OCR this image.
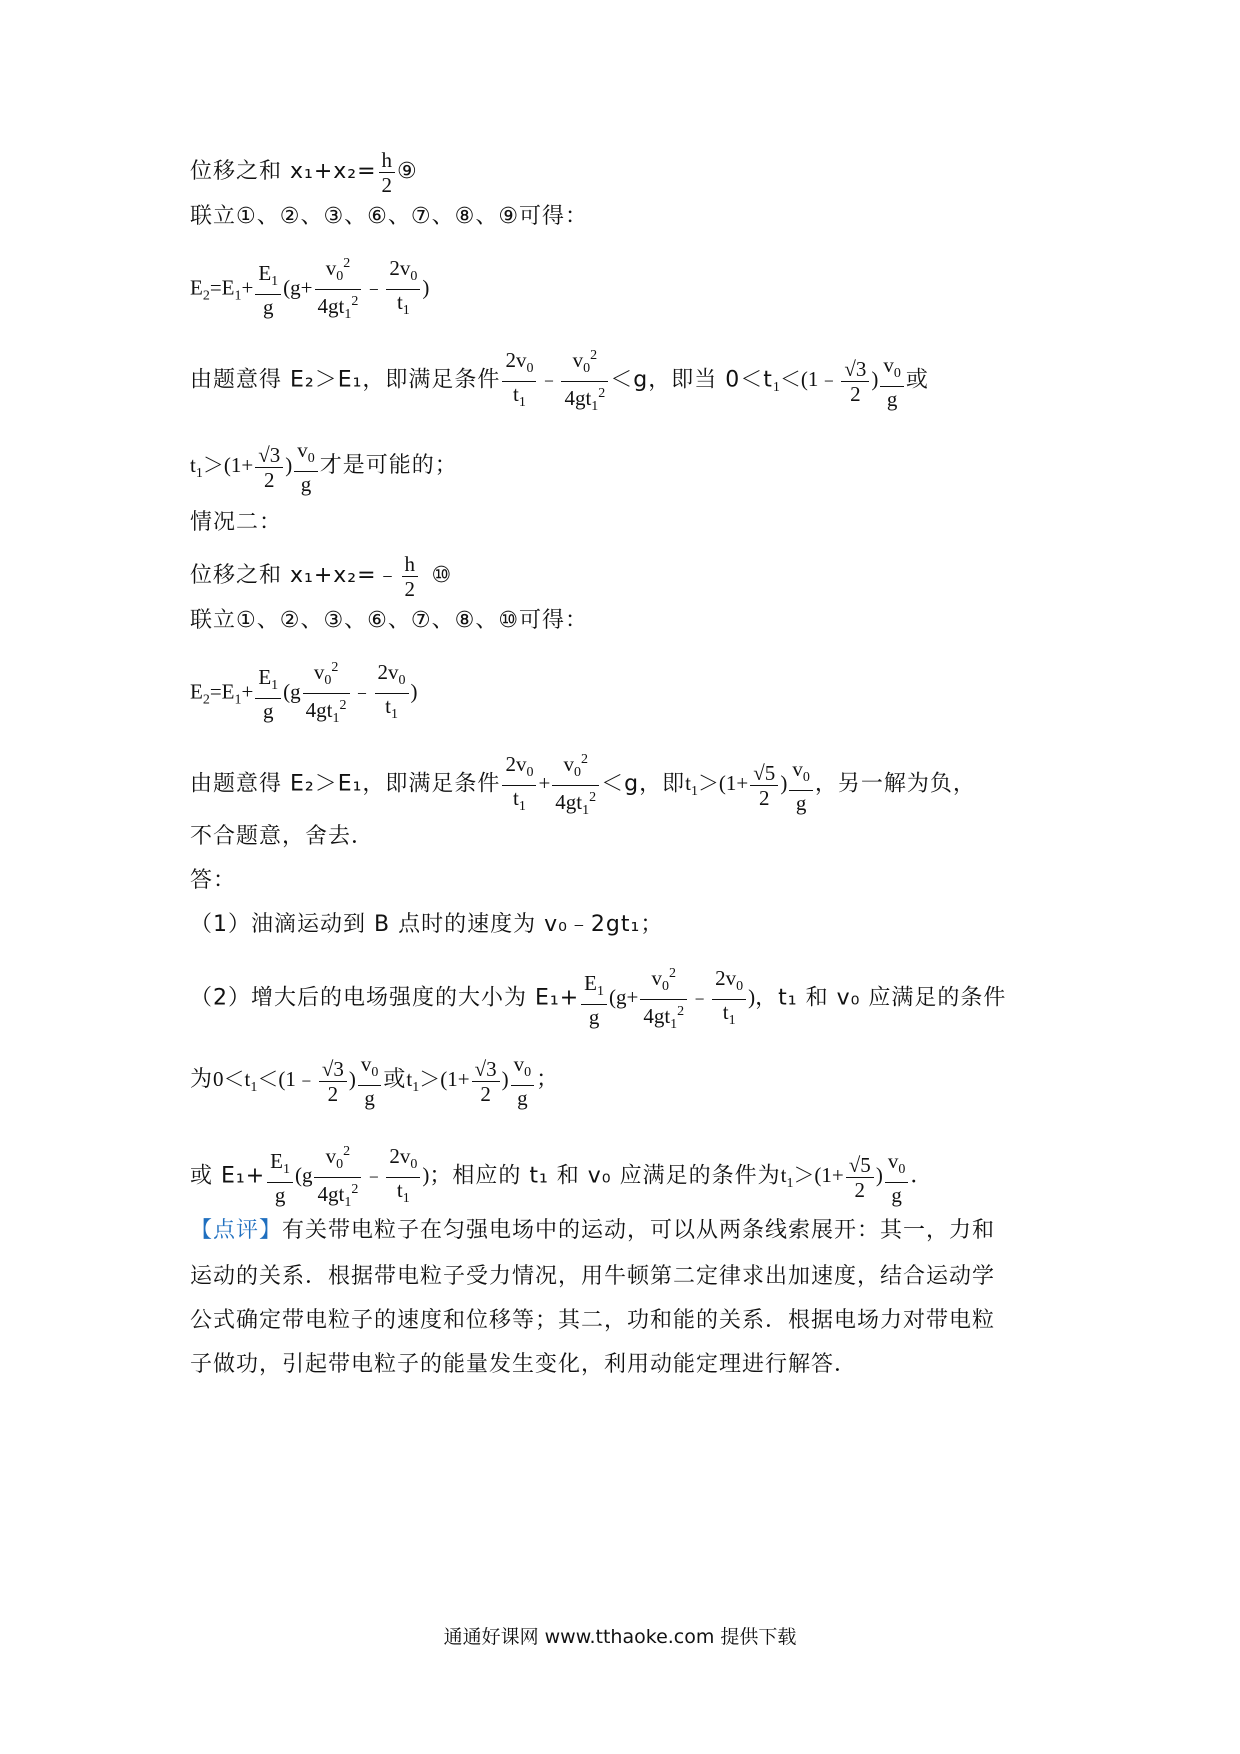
位移之和 $x_1+x_2= \frac{h}{2}$ ⑨
联立①、②、③、⑥、⑦、⑧、⑨可得：
$E_2=E_1+ \frac{E_1}{g} (g+ \frac{v_0^2}{4gt_1^2}$ ﹣ $\frac{2v_0}{t_1}$ )
由题意得 E₂＞E₁，即满足条件 $\frac{2v_0}{t_1}$ ﹣ $\frac{v_0^2}{4gt_1^2} <g$，即当 $0<t_1<(1﹣ \frac{√3}{2}$ ) $\frac{v_0}{g}$ 或
$t_1>(1+ \frac{√3}{2}$ ) $\frac{v_0}{g}$ 才是可能的；
情况二：
位移之和 x₁+x₂=﹣ $\frac{h}{2}$ ⑩
联立①、②、③、⑥、⑦、⑧、⑩可得：
$E_2=E_1+ \frac{E_1}{g} (g \frac{v_0^2}{4gt_1^2}$ ﹣ $\frac{2v_0}{t_1}$ )
由题意得 E₂＞E₁，即满足条件 $\frac{2v_0}{t_1} + \frac{v_0^2}{4gt_1^2} <g$，即$t_1>(1+ \frac{√5}{2}$ ) $\frac{v_0}{g}$ ，另一解为负，
不合题意，舍去．
答：
（1）油滴运动到 B 点时的速度为 v₀﹣2gt₁；
（2）增大后的电场强度的大小为 $E_1+ \frac{E_1}{g} (g+ \frac{v_0^2}{4gt_1^2}$ ﹣ $\frac{2v_0}{t_1}$ )，t₁ 和 v₀ 应满足的条件
为$0<t_1<(1﹣ \frac{√3}{2}$ ) $\frac{v_0}{g}$ 或$t_1>(1+ \frac{√3}{2}$ ) $\frac{v_0}{g}$ ；
或 $E_1+ \frac{E_1}{g} (g \frac{v_0^2}{4gt_1^2}$ ﹣ $\frac{2v_0}{t_1}$ )；相应的 t₁ 和 v₀ 应满足的条件为$t_1>(1+ \frac{√5}{2}$ ) $\frac{v_0}{g}$ ．
【点评】有关带电粒子在匀强电场中的运动，可以从两条线索展开：其一，力和
运动的关系．根据带电粒子受力情况，用牛顿第二定律求出加速度，结合运动学
公式确定带电粒子的速度和位移等；其二，功和能的关系．根据电场力对带电粒
子做功，引起带电粒子的能量发生变化，利用动能定理进行解答．
通通好课网 www.tthaoke.com 提供下载
